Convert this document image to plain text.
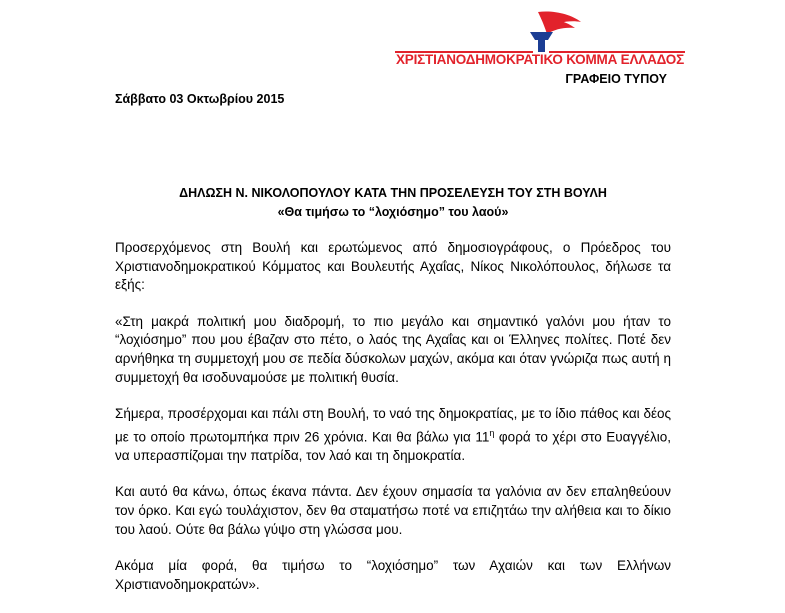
ΧΡΙΣΤΙΑΝΟΔΗΜΟΚΡΑΤΙΚΟ ΚΟΜΜΑ ΕΛΛΑΔΟΣ
ΓΡΑΦΕΙΟ ΤΥΠΟΥ
Σάββατο 03 Οκτωβρίου 2015
ΔΗΛΩΣΗ Ν. ΝΙΚΟΛΟΠΟΥΛΟΥ ΚΑΤΑ ΤΗΝ ΠΡΟΣΕΛΕΥΣΗ ΤΟΥ ΣΤΗ ΒΟΥΛΗ
«Θα τιμήσω το “λοχιόσημο” του λαού»

Προσερχόμενος στη Βουλή και ερωτώμενος από δημοσιογράφους, ο Πρόεδρος του Χριστιανοδημοκρατικού Κόμματος και Βουλευτής Αχαΐας, Νίκος Νικολόπουλος, δήλωσε τα εξής:

«Στη μακρά πολιτική μου διαδρομή, το πιο μεγάλο και σημαντικό γαλόνι μου ήταν το “λοχιόσημο” που μου έβαζαν στο πέτο, ο λαός της Αχαΐας και οι Έλληνες πολίτες. Ποτέ δεν αρνήθηκα τη συμμετοχή μου σε πεδία δύσκολων μαχών, ακόμα και όταν γνώριζα πως αυτή η συμμετοχή θα ισοδυναμούσε με πολιτική θυσία.

Σήμερα, προσέρχομαι και πάλι στη Βουλή, το ναό της δημοκρατίας, με το ίδιο πάθος και δέος με το οποίο πρωτομπήκα πριν 26 χρόνια. Και θα βάλω για $11^\eta$ φορά το χέρι στο Ευαγγέλιο, να υπερασπίζομαι την πατρίδα, τον λαό και τη δημοκρατία.

Και αυτό θα κάνω, όπως έκανα πάντα. Δεν έχουν σημασία τα γαλόνια αν δεν επαληθεύουν τον όρκο. Και εγώ τουλάχιστον, δεν θα σταματήσω ποτέ να επιζητάω την αλήθεια και το δίκιο του λαού. Ούτε θα βάλω γύψο στη γλώσσα μου.

Ακόμα μία φορά, θα τιμήσω το “λοχιόσημο” των Αχαιών και των Ελλήνων Χριστιανοδημοκρατών».
